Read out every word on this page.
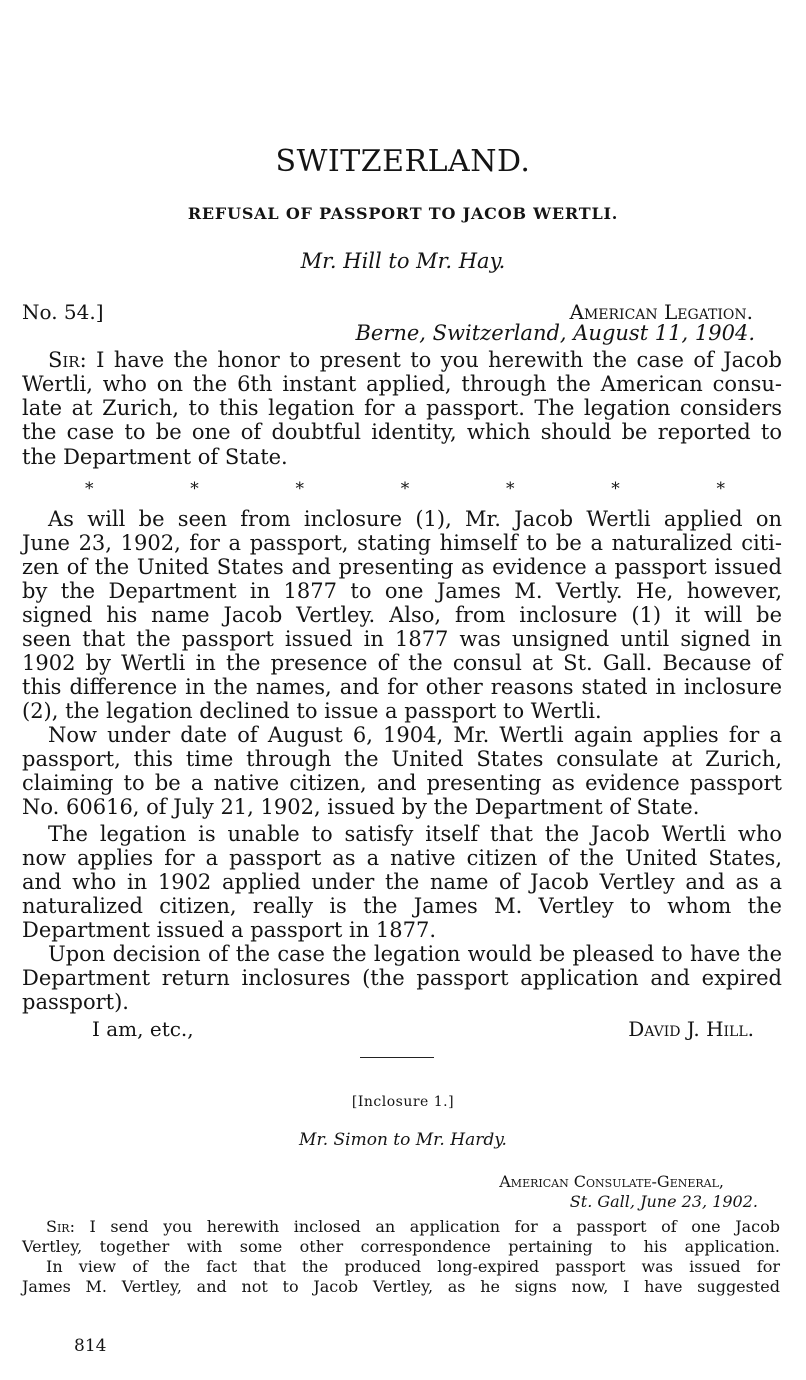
SWITZERLAND.
REFUSAL OF PASSPORT TO JACOB WERTLI.
Mr. Hill to Mr. Hay.
No. 54.]	American Legation.
Berne, Switzerland, August 11, 1904.
Sir: I have the honor to present to you herewith the case of Jacob
Wertli, who on the 6th instant applied, through the American consu-
late at Zurich, to this legation for a passport. The legation considers
the case to be one of doubtful identity, which should be reported to
the Department of State.
*	*	*	*	*	*	*
As will be seen from inclosure (1), Mr. Jacob Wertli applied on
June 23, 1902, for a passport, stating himself to be a naturalized citi-
zen of the United States and presenting as evidence a passport issued
by the Department in 1877 to one James M. Vertly. He, however,
signed his name Jacob Vertley. Also, from inclosure (1) it will be
seen that the passport issued in 1877 was unsigned until signed in
1902 by Wertli in the presence of the consul at St. Gall. Because of
this difference in the names, and for other reasons stated in inclosure
(2), the legation declined to issue a passport to Wertli.
Now under date of August 6, 1904, Mr. Wertli again applies for a
passport, this time through the United States consulate at Zurich,
claiming to be a native citizen, and presenting as evidence passport
No. 60616, of July 21, 1902, issued by the Department of State.
The legation is unable to satisfy itself that the Jacob Wertli who
now applies for a passport as a native citizen of the United States,
and who in 1902 applied under the name of Jacob Vertley and as a
naturalized citizen, really is the James M. Vertley to whom the
Department issued a passport in 1877.
Upon decision of the case the legation would be pleased to have the
Department return inclosures (the passport application and expired
passport).
I am, etc.,	David J. Hill.
[Inclosure 1.]
Mr. Simon to Mr. Hardy.
American Consulate-General,
St. Gall, June 23, 1902.
Sir: I send you herewith inclosed an application for a passport of one Jacob
Vertley, together with some other correspondence pertaining to his application.
In view of the fact that the produced long-expired passport was issued for
James M. Vertley, and not to Jacob Vertley, as he signs now, I have suggested
814
